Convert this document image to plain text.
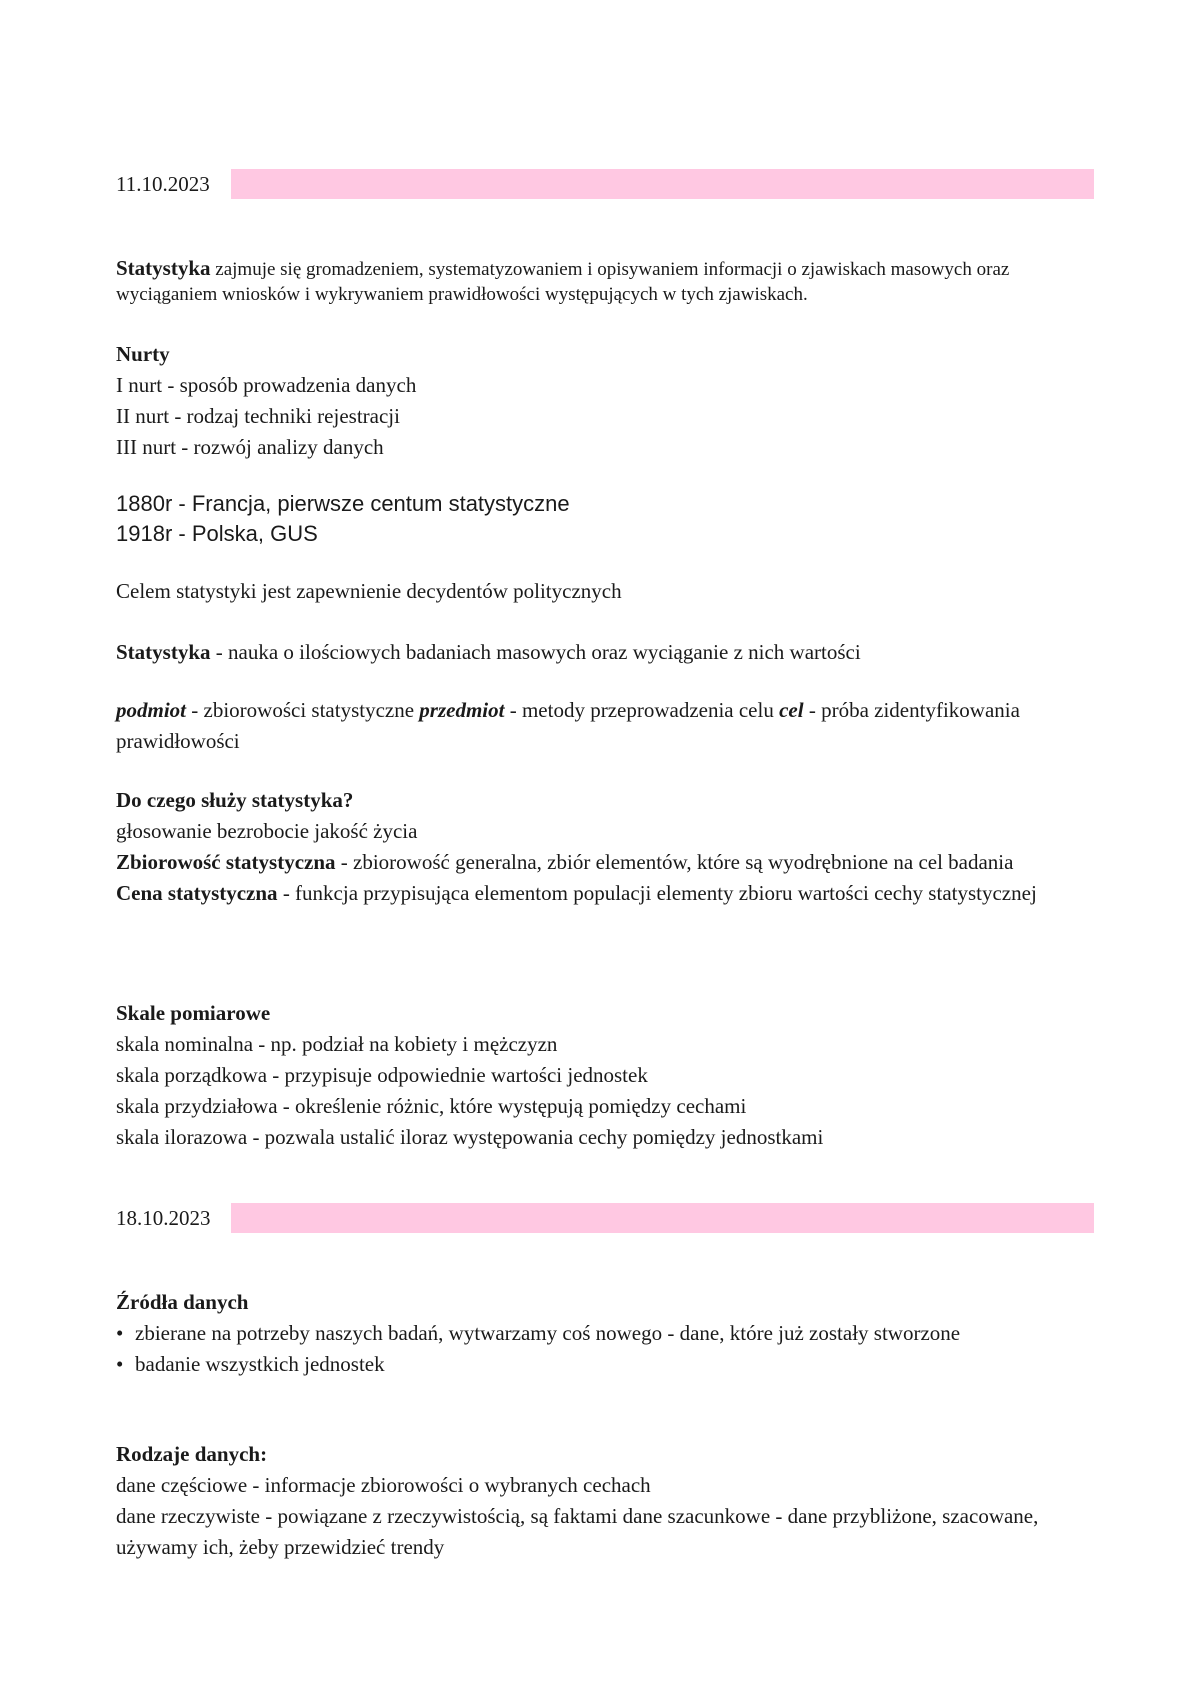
11.10.2023

Statystyka zajmuje się gromadzeniem, systematyzowaniem i opisywaniem informacji o zjawiskach masowych oraz wyciąganiem wniosków i wykrywaniem prawidłowości występujących w tych zjawiskach.

Nurty

I nurt - sposób prowadzenia danych

II nurt - rodzaj techniki rejestracji

III nurt - rozwój analizy danych

1880r - Francja, pierwsze centum statystyczne

1918r - Polska, GUS

Celem statystyki jest zapewnienie decydentów politycznych

Statystyka - nauka o ilościowych badaniach masowych oraz wyciąganie z nich wartości

podmiot - zbiorowości statystyczne przedmiot - metody przeprowadzenia celu cel - próba zidentyfikowania prawidłowości

Do czego służy statystyka?

głosowanie bezrobocie jakość życia

Zbiorowość statystyczna - zbiorowość generalna, zbiór elementów, które są wyodrębnione na cel badania

Cena statystyczna - funkcja przypisująca elementom populacji elementy zbioru wartości cechy statystycznej

Skale pomiarowe

skala nominalna - np. podział na kobiety i mężczyzn

skala porządkowa - przypisuje odpowiednie wartości jednostek

skala przydziałowa - określenie różnic, które występują pomiędzy cechami

skala ilorazowa - pozwala ustalić iloraz występowania cechy pomiędzy jednostkami

18.10.2023

Źródła danych

• zbierane na potrzeby naszych badań, wytwarzamy coś nowego - dane, które już zostały stworzone
• badanie wszystkich jednostek

Rodzaje danych:

dane częściowe - informacje zbiorowości o wybranych cechach

dane rzeczywiste - powiązane z rzeczywistością, są faktami dane szacunkowe - dane przybliżone, szacowane, używamy ich, żeby przewidzieć trendy
